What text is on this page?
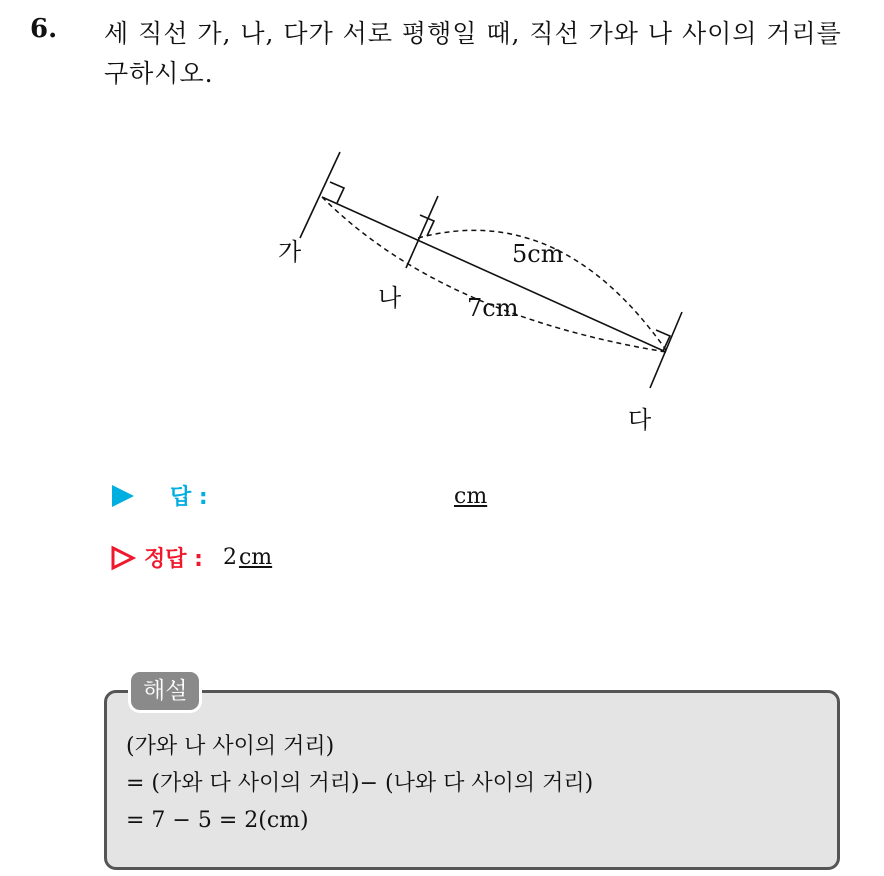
6. 세 직선 가, 나, 다가 서로 평행일 때, 직선 가와 나 사이의 거리를 구하시오.
가
나
다
5cm
7cm
답 :	cm
정답 : 2 cm
해설
(가와 나 사이의 거리)
= (가와 다 사이의 거리)− (나와 다 사이의 거리)
= 7 − 5 = 2(cm)
